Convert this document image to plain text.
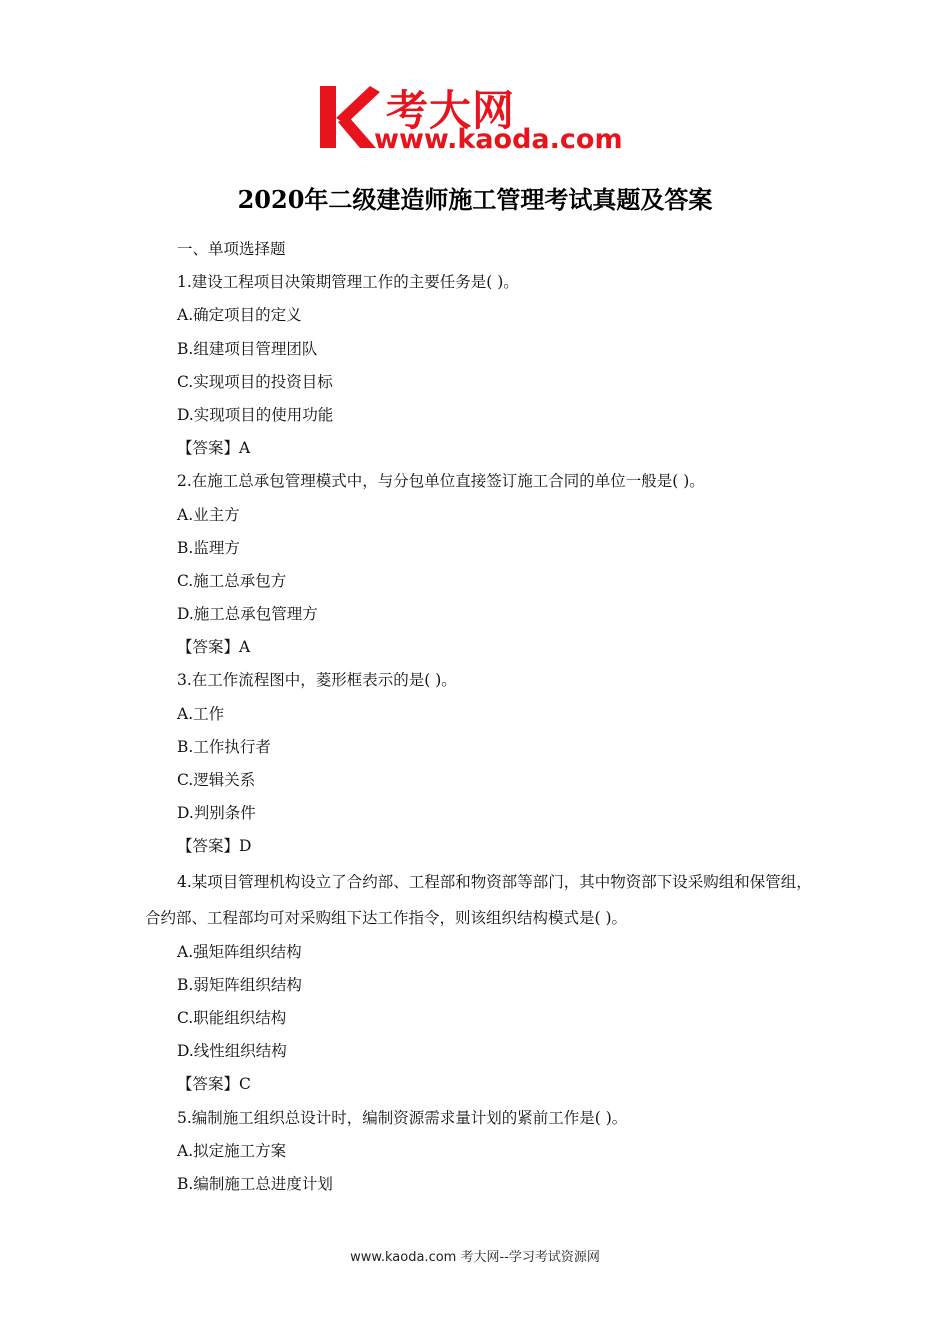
考大网
www.kaoda.com
2020年二级建造师施工管理考试真题及答案
一、单项选择题
1.建设工程项目决策期管理工作的主要任务是( )。
A.确定项目的定义
B.组建项目管理团队
C.实现项目的投资目标
D.实现项目的使用功能
【答案】A
2.在施工总承包管理模式中，与分包单位直接签订施工合同的单位一般是( )。
A.业主方
B.监理方
C.施工总承包方
D.施工总承包管理方
【答案】A
3.在工作流程图中，菱形框表示的是( )。
A.工作
B.工作执行者
C.逻辑关系
D.判别条件
【答案】D
4.某项目管理机构设立了合约部、工程部和物资部等部门，其中物资部下设采购组和保管组，合约部、工程部均可对采购组下达工作指令，则该组织结构模式是( )。
A.强矩阵组织结构
B.弱矩阵组织结构
C.职能组织结构
D.线性组织结构
【答案】C
5.编制施工组织总设计时，编制资源需求量计划的紧前工作是( )。
A.拟定施工方案
B.编制施工总进度计划
www.kaoda.com 考大网--学习考试资源网
